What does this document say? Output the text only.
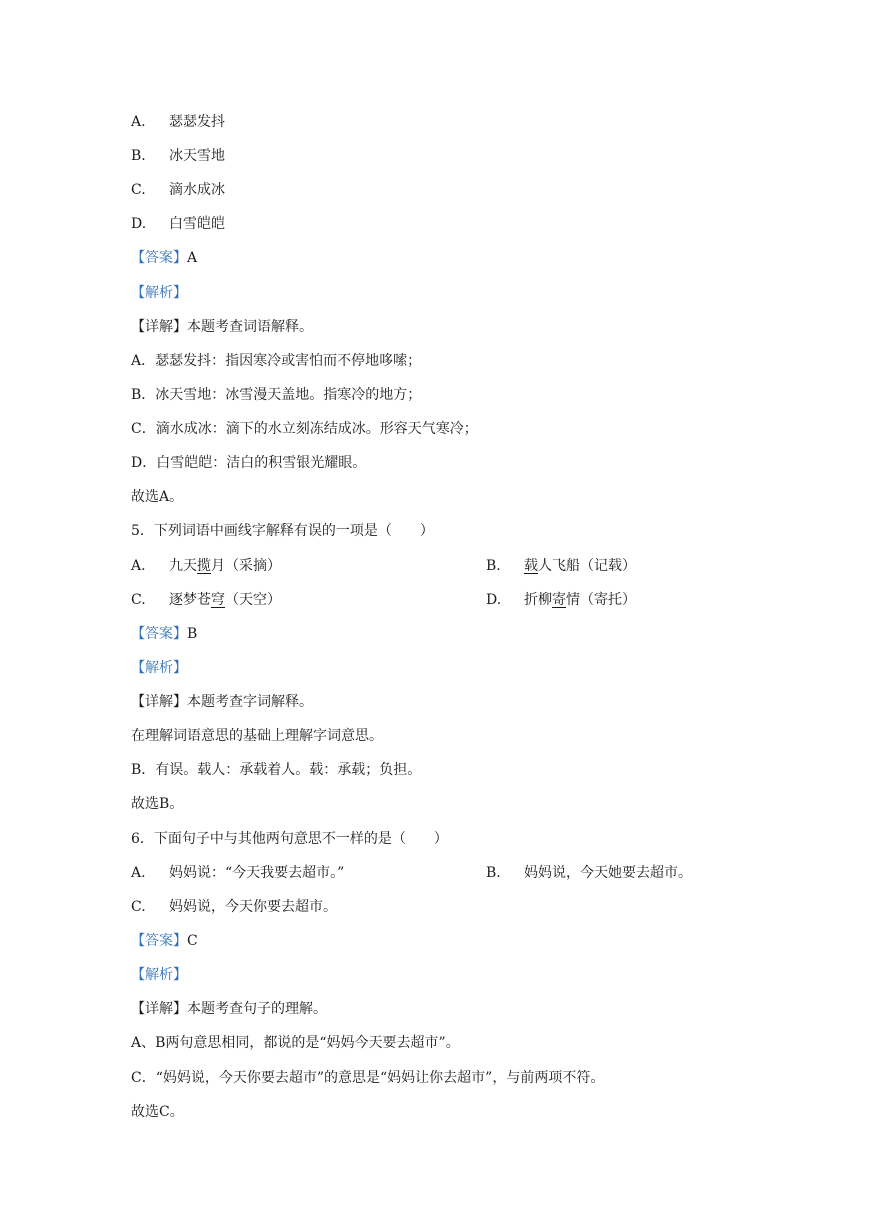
A. 瑟瑟发抖
B. 冰天雪地
C. 滴水成冰
D. 白雪皑皑
【答案】A
【解析】
【详解】本题考查词语解释。
A．瑟瑟发抖：指因寒冷或害怕而不停地哆嗦；
B．冰天雪地：冰雪漫天盖地。指寒冷的地方；
C．滴水成冰：滴下的水立刻冻结成冰。形容天气寒冷；
D．白雪皑皑：洁白的积雪银光耀眼。
故选A。
5．下列词语中画线字解释有误的一项是（　　）
A. 九天揽月（采摘）	B. 载人飞船（记载）
C. 逐梦苍穹（天空）	D. 折柳寄情（寄托）
【答案】B
【解析】
【详解】本题考查字词解释。
在理解词语意思的基础上理解字词意思。
B．有误。载人：承载着人。载：承载；负担。
故选B。
6．下面句子中与其他两句意思不一样的是（　　）
A. 妈妈说：“今天我要去超市。”	B. 妈妈说，今天她要去超市。
C. 妈妈说，今天你要去超市。
【答案】C
【解析】
【详解】本题考查句子的理解。
A、B两句意思相同，都说的是“妈妈今天要去超市”。
C．“妈妈说，今天你要去超市”的意思是“妈妈让你去超市”，与前两项不符。
故选C。
